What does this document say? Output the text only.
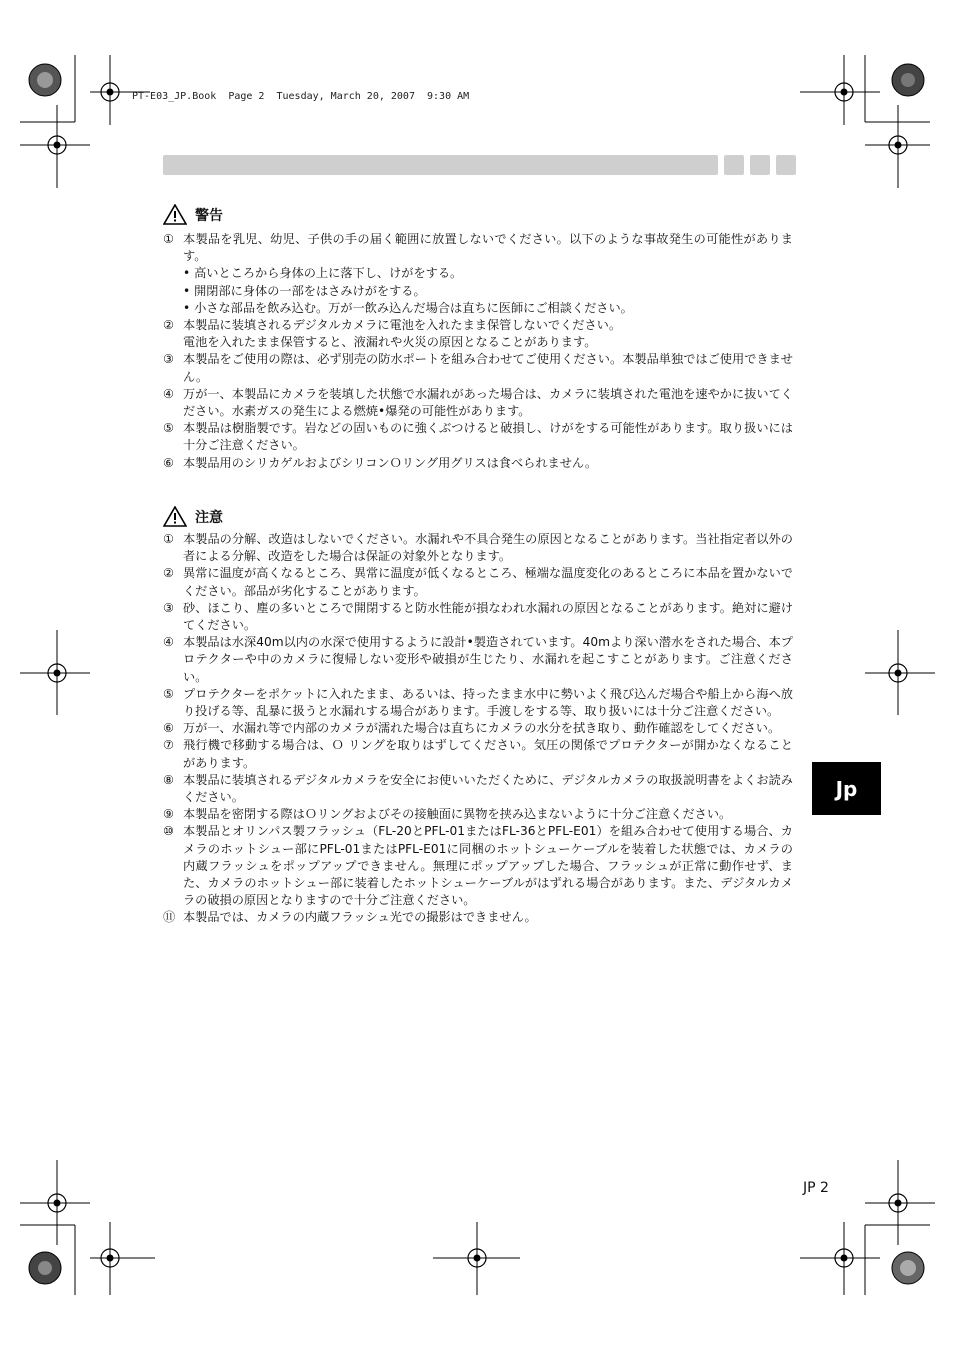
PT-E03_JP.Book  Page 2  Tuesday, March 20, 2007  9:30 AM
警告
① 本製品を乳児、幼児、子供の手の届く範囲に放置しないでください。以下のような事故発生の可能性があります。
• 高いところから身体の上に落下し、けがをする。
• 開閉部に身体の一部をはさみけがをする。
• 小さな部品を飲み込む。万が一飲み込んだ場合は直ちに医師にご相談ください。
② 本製品に装填されるデジタルカメラに電池を入れたまま保管しないでください。
電池を入れたまま保管すると、液漏れや火災の原因となることがあります。
③ 本製品をご使用の際は、必ず別売の防水ポートを組み合わせてご使用ください。本製品単独ではご使用できません。
④ 万が一、本製品にカメラを装填した状態で水漏れがあった場合は、カメラに装填された電池を速やかに抜いてください。水素ガスの発生による燃焼•爆発の可能性があります。
⑤ 本製品は樹脂製です。岩などの固いものに強くぶつけると破損し、けがをする可能性があります。取り扱いには十分ご注意ください。
⑥ 本製品用のシリカゲルおよびシリコンＯリング用グリスは食べられません。
注意
① 本製品の分解、改造はしないでください。水漏れや不具合発生の原因となることがあります。当社指定者以外の者による分解、改造をした場合は保証の対象外となります。
② 異常に温度が高くなるところ、異常に温度が低くなるところ、極端な温度変化のあるところに本品を置かないでください。部品が劣化することがあります。
③ 砂、ほこり、塵の多いところで開閉すると防水性能が損なわれ水漏れの原因となることがあります。絶対に避けてください。
④ 本製品は水深40m以内の水深で使用するように設計•製造されています。40mより深い潜水をされた場合、本プロテクターや中のカメラに復帰しない変形や破損が生じたり、水漏れを起こすことがあります。ご注意ください。
⑤ プロテクターをポケットに入れたまま、あるいは、持ったまま水中に勢いよく飛び込んだ場合や船上から海へ放り投げる等、乱暴に扱うと水漏れする場合があります。手渡しをする等、取り扱いには十分ご注意ください。
⑥ 万が一、水漏れ等で内部のカメラが濡れた場合は直ちにカメラの水分を拭き取り、動作確認をしてください。
⑦ 飛行機で移動する場合は、Ｏ リングを取りはずしてください。気圧の関係でプロテクターが開かなくなることがあります。
⑧ 本製品に装填されるデジタルカメラを安全にお使いいただくために、デジタルカメラの取扱説明書をよくお読みください。
⑨ 本製品を密閉する際はＯリングおよびその接触面に異物を挟み込まないように十分ご注意ください。
⑩ 本製品とオリンパス製フラッシュ（FL-20とPFL-01またはFL-36とPFL-E01）を組み合わせて使用する場合、カメラのホットシュー部にPFL-01またはPFL-E01に同梱のホットシューケーブルを装着した状態では、カメラの内蔵フラッシュをポップアップできません。無理にポップアップした場合、フラッシュが正常に動作せず、また、カメラのホットシュー部に装着したホットシューケーブルがはずれる場合があります。また、デジタルカメラの破損の原因となりますので十分ご注意ください。
⑪ 本製品では、カメラの内蔵フラッシュ光での撮影はできません。
Jp
JP 2
